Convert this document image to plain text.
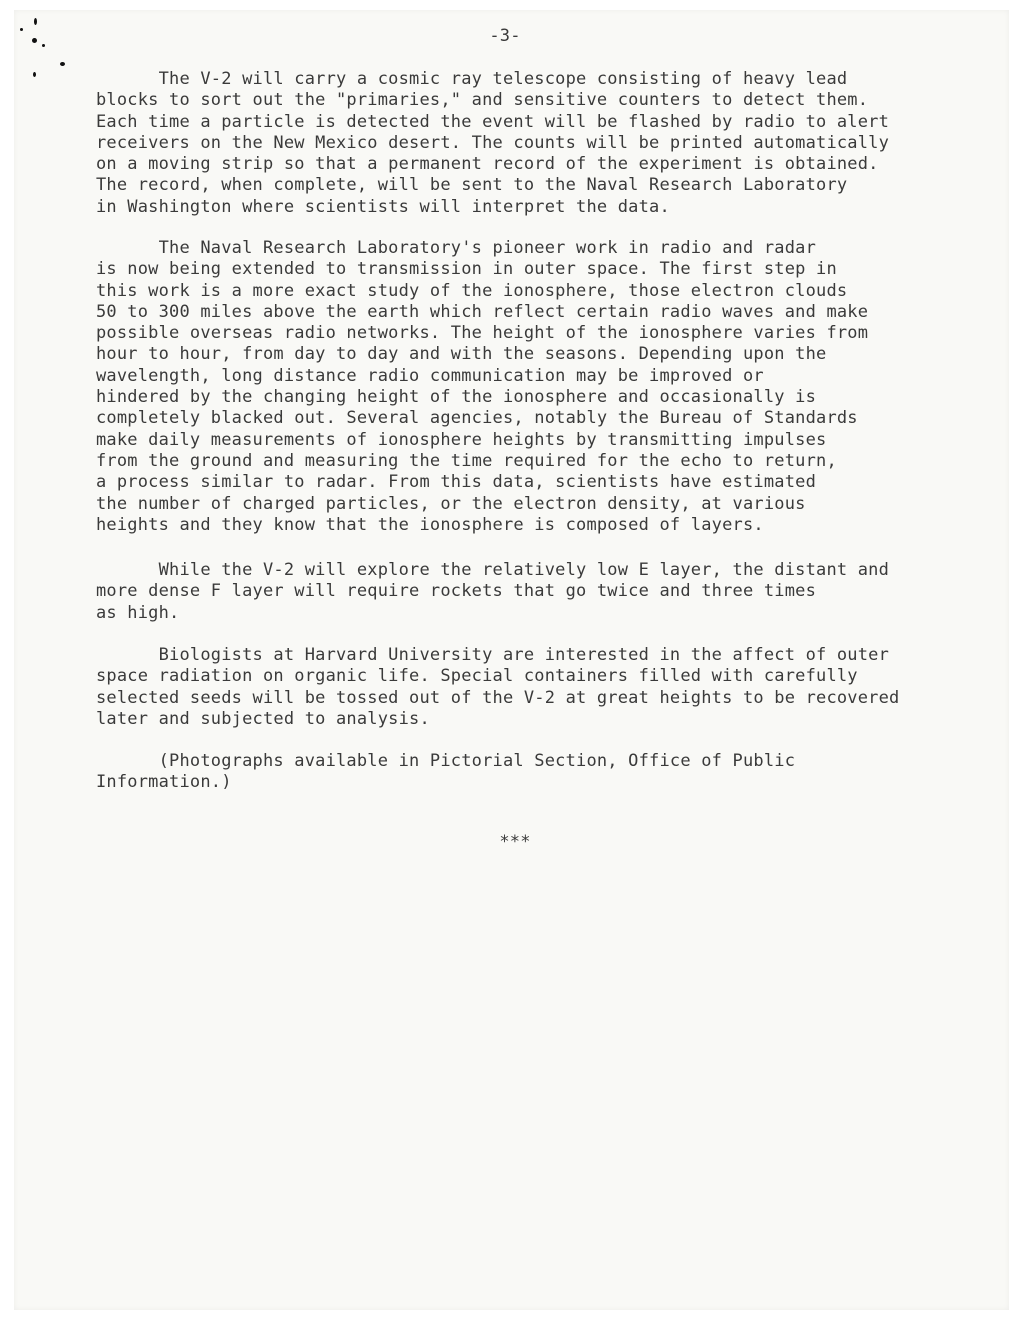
-3-

The V-2 will carry a cosmic ray telescope consisting of heavy lead
blocks to sort out the "primaries," and sensitive counters to detect them.
Each time a particle is detected the event will be flashed by radio to alert
receivers on the New Mexico desert. The counts will be printed automatically
on a moving strip so that a permanent record of the experiment is obtained.
The record, when complete, will be sent to the Naval Research Laboratory
in Washington where scientists will interpret the data.

The Naval Research Laboratory's pioneer work in radio and radar
is now being extended to transmission in outer space. The first step in
this work is a more exact study of the ionosphere, those electron clouds
50 to 300 miles above the earth which reflect certain radio waves and make
possible overseas radio networks. The height of the ionosphere varies from
hour to hour, from day to day and with the seasons. Depending upon the
wavelength, long distance radio communication may be improved or
hindered by the changing height of the ionosphere and occasionally is
completely blacked out. Several agencies, notably the Bureau of Standards
make daily measurements of ionosphere heights by transmitting impulses
from the ground and measuring the time required for the echo to return,
a process similar to radar. From this data, scientists have estimated
the number of charged particles, or the electron density, at various
heights and they know that the ionosphere is composed of layers.

While the V-2 will explore the relatively low E layer, the distant and
more dense F layer will require rockets that go twice and three times
as high.

Biologists at Harvard University are interested in the affect of outer
space radiation on organic life. Special containers filled with carefully
selected seeds will be tossed out of the V-2 at great heights to be recovered
later and subjected to analysis.

(Photographs available in Pictorial Section, Office of Public
Information.)

***
